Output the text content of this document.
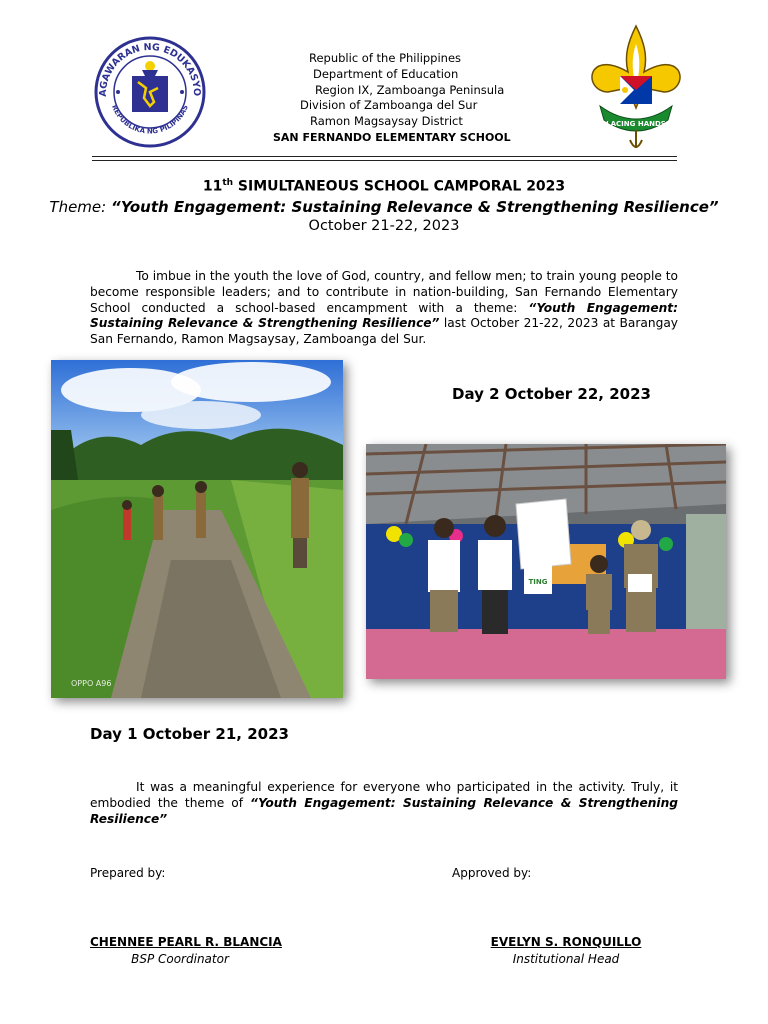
AGAWARAN NG EDUKASYO
REPUBLIKA NG PILIPINAS
Republic of the Philippines
Department of Education
Region IX, Zamboanga Peninsula
Division of Zamboanga del Sur
Ramon Magsaysay District
SAN FERNANDO ELEMENTARY SCHOOL
LACING HANDS
11th SIMULTANEOUS SCHOOL CAMPORAL 2023
Theme: “Youth Engagement: Sustaining Relevance & Strengthening Resilience”
October 21-22, 2023
To imbue in the youth the love of God, country, and fellow men; to train young people to become responsible leaders; and to contribute in nation-building, San Fernando Elementary School conducted a school-based encampment with a theme: “Youth Engagement: Sustaining Relevance & Strengthening Resilience” last October 21-22, 2023 at Barangay San Fernando, Ramon Magsaysay, Zamboanga del Sur.
OPPO A96
Day 2 October 22, 2023
TING
Day 1 October 21, 2023
It was a meaningful experience for everyone who participated in the activity. Truly, it embodied the theme of “Youth Engagement: Sustaining Relevance & Strengthening Resilience”
Prepared by:	Approved by:
CHENNEE PEARL R. BLANCIA
BSP Coordinator
EVELYN S. RONQUILLO
Institutional Head
